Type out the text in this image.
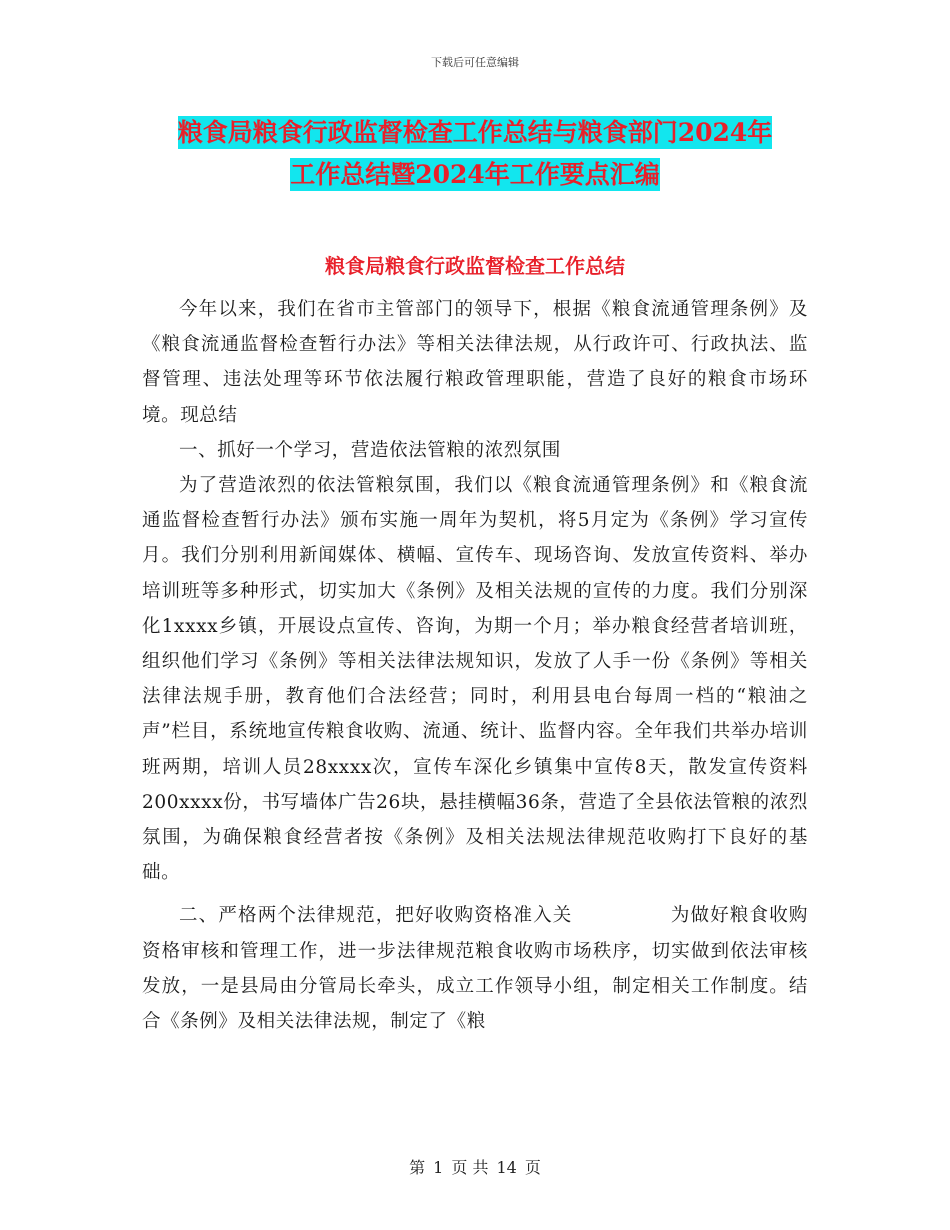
下载后可任意编辑
粮食局粮食行政监督检查工作总结与粮食部门2024年
工作总结暨2024年工作要点汇编
粮食局粮食行政监督检查工作总结

今年以来，我们在省市主管部门的领导下，根据《粮食流通管理条例》及《粮食流通监督检查暂行办法》等相关法律法规，从行政许可、行政执法、监督管理、违法处理等环节依法履行粮政管理职能，营造了良好的粮食市场环境。现总结

一、抓好一个学习，营造依法管粮的浓烈氛围

为了营造浓烈的依法管粮氛围，我们以《粮食流通管理条例》和《粮食流通监督检查暂行办法》颁布实施一周年为契机，将5月定为《条例》学习宣传月。我们分别利用新闻媒体、横幅、宣传车、现场咨询、发放宣传资料、举办培训班等多种形式，切实加大《条例》及相关法规的宣传的力度。我们分别深化1xxxx乡镇，开展设点宣传、咨询，为期一个月；举办粮食经营者培训班，组织他们学习《条例》等相关法律法规知识，发放了人手一份《条例》等相关法律法规手册，教育他们合法经营；同时，利用县电台每周一档的“粮油之声”栏目，系统地宣传粮食收购、流通、统计、监督内容。全年我们共举办培训班两期，培训人员28xxxx次，宣传车深化乡镇集中宣传8天，散发宣传资料200xxxx份，书写墙体广告26块，悬挂横幅36条，营造了全县依法管粮的浓烈氛围，为确保粮食经营者按《条例》及相关法规法律规范收购打下良好的基础。

二、严格两个法律规范，把好收购资格准入关　　　　　为做好粮食收购资格审核和管理工作，进一步法律规范粮食收购市场秩序，切实做到依法审核发放，一是县局由分管局长牵头，成立工作领导小组，制定相关工作制度。结合《条例》及相关法律法规，制定了《粮

第 1 页 共 14 页
